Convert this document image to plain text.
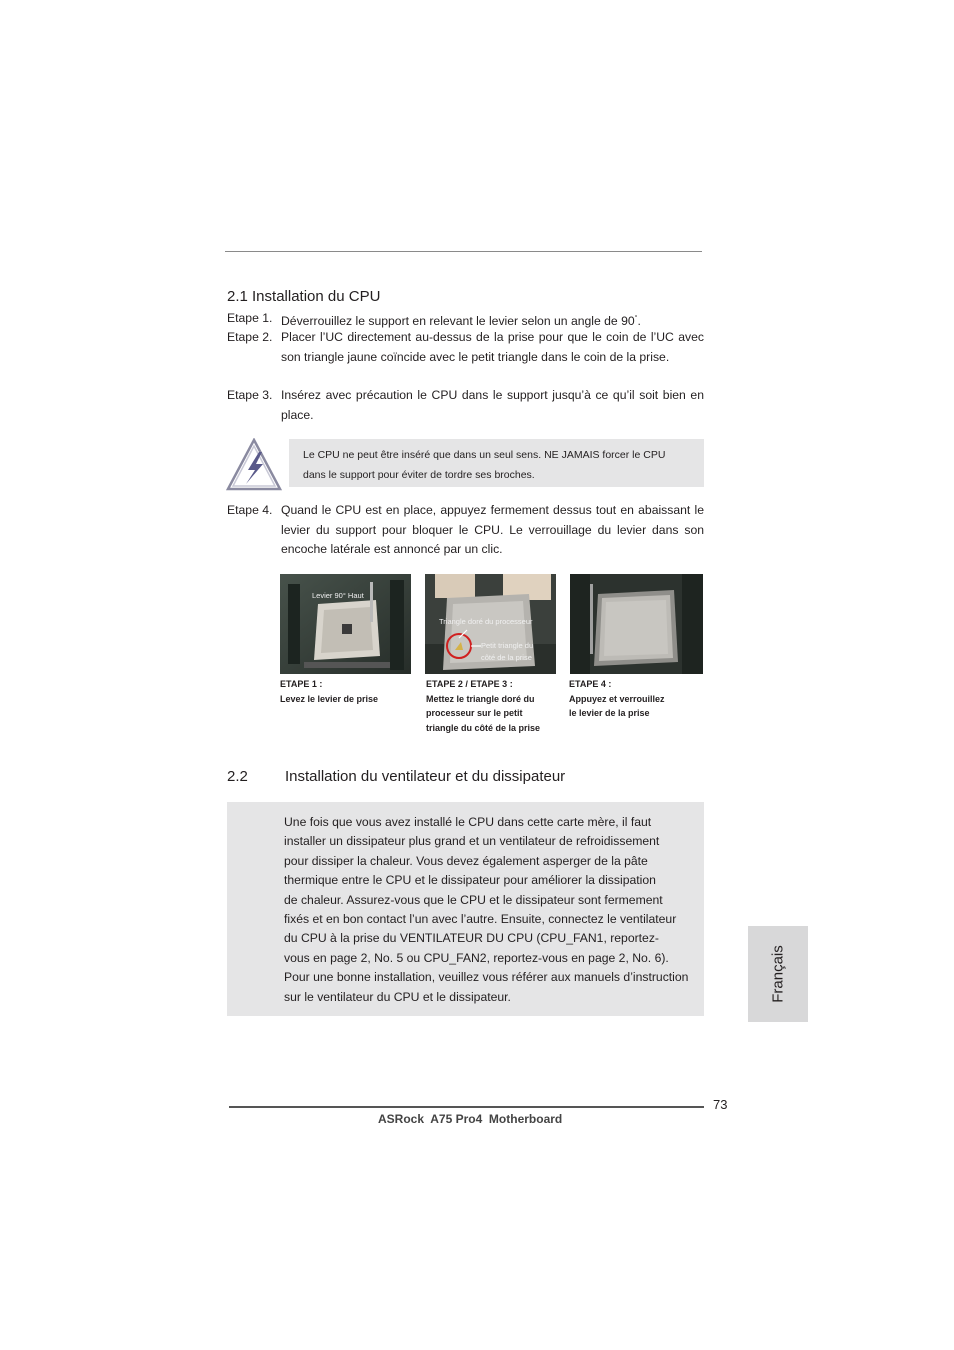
2.1 Installation du CPU
Etape 1. Déverrouillez le support en relevant le levier selon un angle de 90°.
Etape 2. Placer l’UC directement au-dessus de la prise pour que le coin de l’UC avec son triangle jaune coïncide avec le petit triangle dans le coin de la prise.
Etape 3. Insérez avec précaution le CPU dans le support jusqu’à ce qu’il soit bien en place.

Le CPU ne peut être inséré que dans un seul sens. NE JAMAIS forcer le CPU
dans le support pour éviter de tordre ses broches.

Etape 4. Quand le CPU est en place, appuyez fermement dessus tout en abaissant le levier du support pour bloquer le CPU. Le verrouillage du levier dans son encoche latérale est annoncé par un clic.
Levier 90° Haut
Triangle doré du processeur
Petit triangle du
côté de la prise
ETAPE 1 :
Levez le levier de prise
ETAPE 2 / ETAPE 3 :
Mettez le triangle doré du
processeur sur le petit
triangle du côté de la prise
ETAPE 4 :
Appuyez et verrouillez
le levier de la prise
2.2 Installation du ventilateur et du dissipateur

Une fois que vous avez installé le CPU dans cette carte mère, il faut
installer un dissipateur plus grand et un ventilateur de refroidissement
pour dissiper la chaleur. Vous devez également asperger de la pâte
thermique entre le CPU et le dissipateur pour améliorer la dissipation
de chaleur. Assurez-vous que le CPU et le dissipateur sont fermement
fixés et en bon contact l’un avec l’autre. Ensuite, connectez le ventilateur
du CPU à la prise du VENTILATEUR DU CPU (CPU_FAN1, reportez-
vous en page 2, No. 5 ou CPU_FAN2, reportez-vous en page 2, No. 6).
Pour une bonne installation, veuillez vous référer aux manuels d’instruction
sur le ventilateur du CPU et le dissipateur.	Français
73
ASRock  A75 Pro4  Motherboard
